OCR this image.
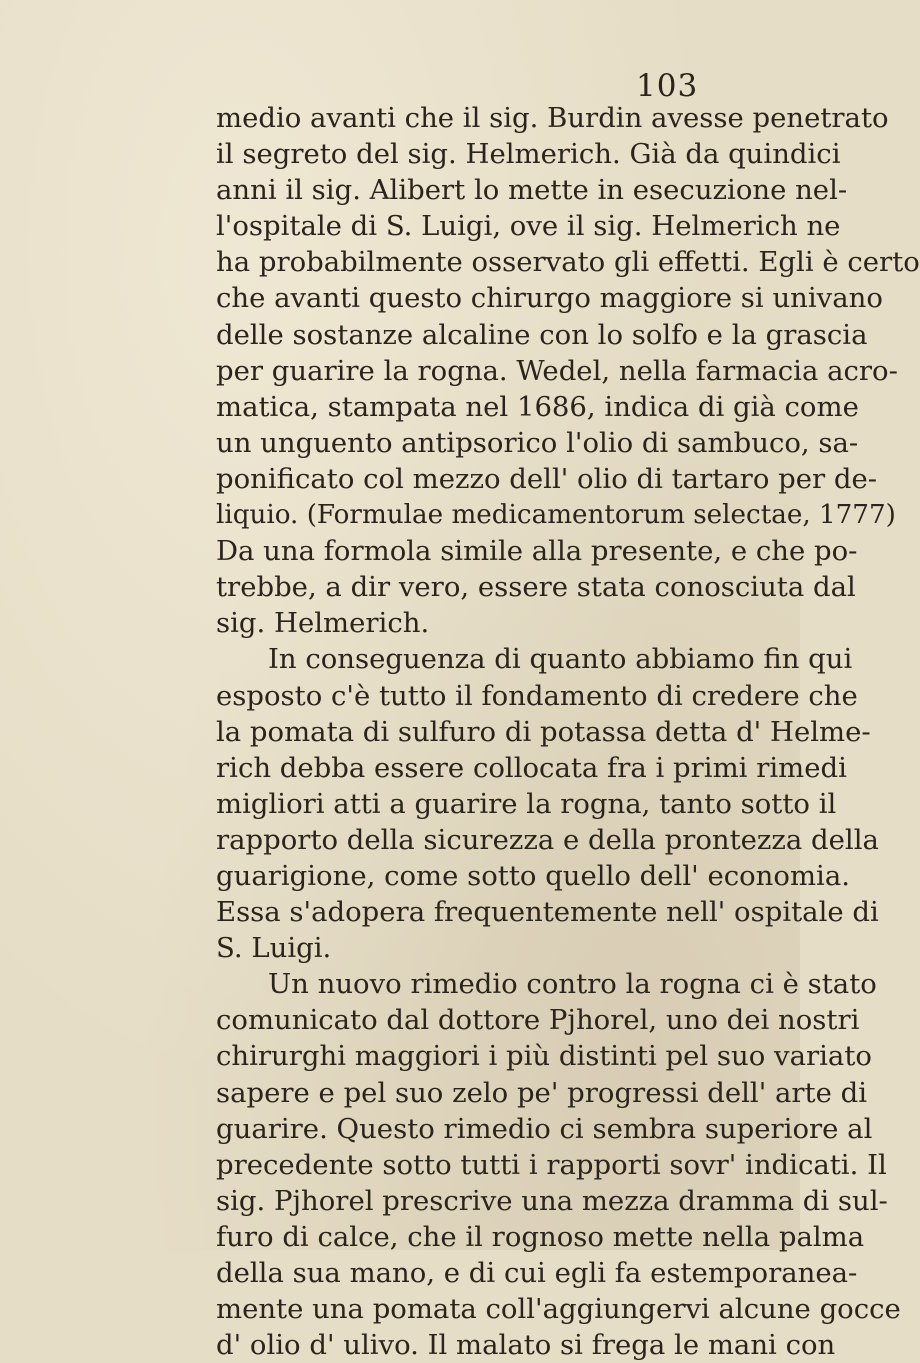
103
medio avanti che il sig. Burdin avesse penetrato
il segreto del sig. Helmerich. Già da quindici
anni il sig. Alibert lo mette in esecuzione nel-
l'ospitale di S. Luigi, ove il sig. Helmerich ne
ha probabilmente osservato gli effetti. Egli è certo
che avanti questo chirurgo maggiore si univano
delle sostanze alcaline con lo solfo e la grascia
per guarire la rogna. Wedel, nella farmacia acro-
matica, stampata nel 1686, indica di già come
un unguento antipsorico l'olio di sambuco, sa-
ponificato col mezzo dell' olio di tartaro per de-
liquio. (Formulae medicamentorum selectae, 1777)
Da una formola simile alla presente, e che po-
trebbe, a dir vero, essere stata conosciuta dal
sig. Helmerich.
In conseguenza di quanto abbiamo fin qui
esposto c'è tutto il fondamento di credere che
la pomata di sulfuro di potassa detta d' Helme-
rich debba essere collocata fra i primi rimedi
migliori atti a guarire la rogna, tanto sotto il
rapporto della sicurezza e della prontezza della
guarigione, come sotto quello dell' economia.
Essa s'adopera frequentemente nell' ospitale di
S. Luigi.
Un nuovo rimedio contro la rogna ci è stato
comunicato dal dottore Pjhorel, uno dei nostri
chirurghi maggiori i più distinti pel suo variato
sapere e pel suo zelo pe' progressi dell' arte di
guarire. Questo rimedio ci sembra superiore al
precedente sotto tutti i rapporti sovr' indicati. Il
sig. Pjhorel prescrive una mezza dramma di sul-
furo di calce, che il rognoso mette nella palma
della sua mano, e di cui egli fa estemporanea-
mente una pomata coll'aggiungervi alcune gocce
d' olio d' ulivo. Il malato si frega le mani con
